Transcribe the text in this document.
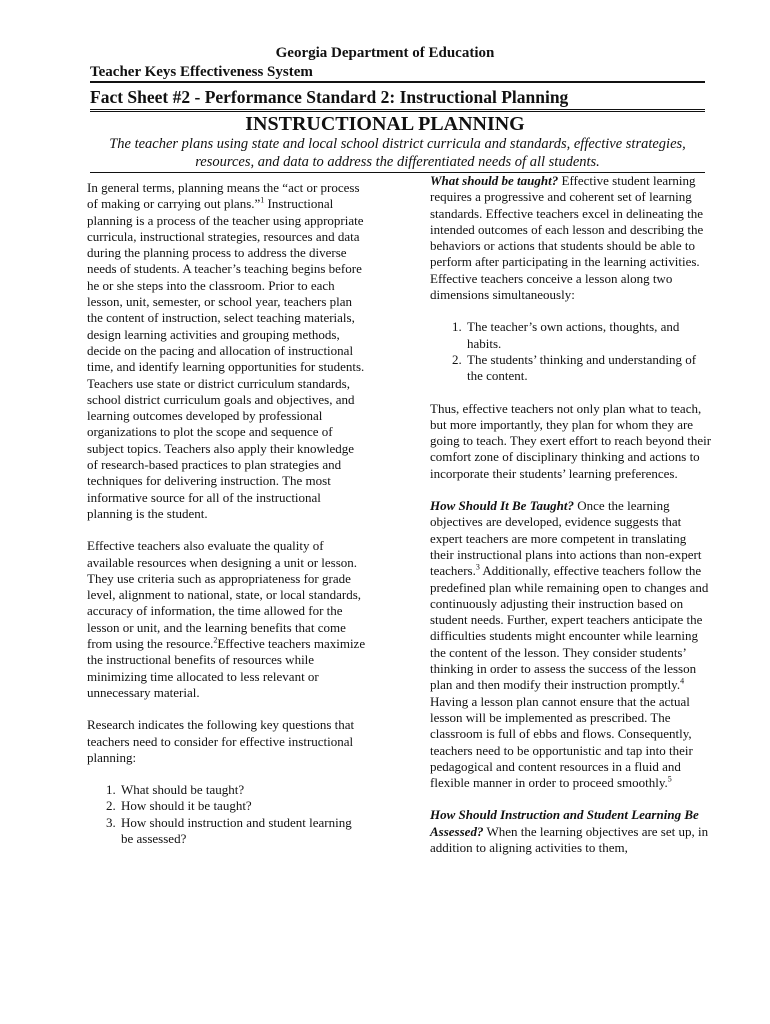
Georgia Department of Education
Teacher Keys Effectiveness System
Fact Sheet #2 - Performance Standard 2: Instructional Planning
INSTRUCTIONAL PLANNING
The teacher plans using state and local school district curricula and standards, effective strategies, resources, and data to address the differentiated needs of all students.

In general terms, planning means the “act or process of making or carrying out plans.”$^1$ Instructional planning is a process of the teacher using appropriate curricula, instructional strategies, resources and data during the planning process to address the diverse needs of students. A teacher’s teaching begins before he or she steps into the classroom. Prior to each lesson, unit, semester, or school year, teachers plan the content of instruction, select teaching materials, design learning activities and grouping methods, decide on the pacing and allocation of instructional time, and identify learning opportunities for students. Teachers use state or district curriculum standards, school district curriculum goals and objectives, and learning outcomes developed by professional organizations to plot the scope and sequence of subject topics. Teachers also apply their knowledge of research-based practices to plan strategies and techniques for delivering instruction. The most informative source for all of the instructional planning is the student.

Effective teachers also evaluate the quality of available resources when designing a unit or lesson. They use criteria such as appropriateness for grade level, alignment to national, state, or local standards, accuracy of information, the time allowed for the lesson or unit, and the learning benefits that come from using the resource.$^2$Effective teachers maximize the instructional benefits of resources while minimizing time allocated to less relevant or unnecessary material.

Research indicates the following key questions that teachers need to consider for effective instructional planning:

1. What should be taught?
2. How should it be taught?
3. How should instruction and student learning be assessed?

What should be taught? Effective student learning requires a progressive and coherent set of learning standards. Effective teachers excel in delineating the intended outcomes of each lesson and describing the behaviors or actions that students should be able to perform after participating in the learning activities. Effective teachers conceive a lesson along two dimensions simultaneously:

1. The teacher’s own actions, thoughts, and habits.
2. The students’ thinking and understanding of the content.

Thus, effective teachers not only plan what to teach, but more importantly, they plan for whom they are going to teach. They exert effort to reach beyond their comfort zone of disciplinary thinking and actions to incorporate their students’ learning preferences.

How Should It Be Taught? Once the learning objectives are developed, evidence suggests that expert teachers are more competent in translating their instructional plans into actions than non-expert teachers.$^3$ Additionally, effective teachers follow the predefined plan while remaining open to changes and continuously adjusting their instruction based on student needs. Further, expert teachers anticipate the difficulties students might encounter while learning the content of the lesson. They consider students’ thinking in order to assess the success of the lesson plan and then modify their instruction promptly.$^4$ Having a lesson plan cannot ensure that the actual lesson will be implemented as prescribed. The classroom is full of ebbs and flows. Consequently, teachers need to be opportunistic and tap into their pedagogical and content resources in a fluid and flexible manner in order to proceed smoothly.$^5$

How Should Instruction and Student Learning Be Assessed? When the learning objectives are set up, in addition to aligning activities to them,
